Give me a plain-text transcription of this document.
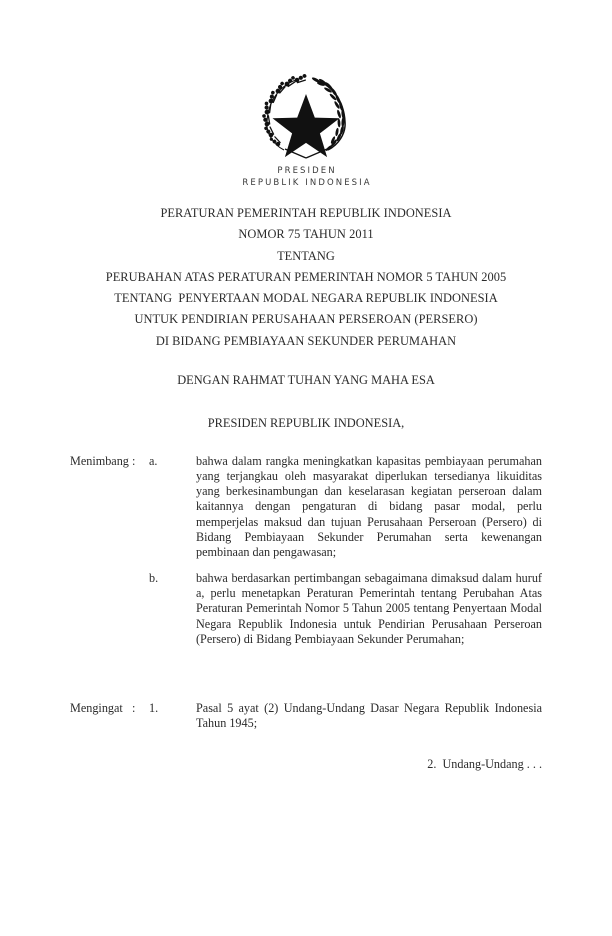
PRESIDEN
REPUBLIK INDONESIA
PERATURAN PEMERINTAH REPUBLIK INDONESIA
NOMOR 75 TAHUN 2011
TENTANG
PERUBAHAN ATAS PERATURAN PEMERINTAH NOMOR 5 TAHUN 2005
TENTANG  PENYERTAAN MODAL NEGARA REPUBLIK INDONESIA
UNTUK PENDIRIAN PERUSAHAAN PERSEROAN (PERSERO)
DI BIDANG PEMBIAYAAN SEKUNDER PERUMAHAN
DENGAN RAHMAT TUHAN YANG MAHA ESA
PRESIDEN REPUBLIK INDONESIA,
Menimbang :	a.	bahwa dalam rangka meningkatkan kapasitas pembiayaan perumahan yang terjangkau oleh masyarakat diperlukan tersedianya likuiditas yang berkesinambungan dan keselarasan kegiatan perseroan dalam kaitannya dengan pengaturan di bidang pasar modal, perlu memperjelas maksud dan tujuan Perusahaan Perseroan (Persero) di Bidang Pembiayaan Sekunder Perumahan serta kewenangan pembinaan dan pengawasan;
b.	bahwa berdasarkan pertimbangan sebagaimana dimaksud dalam huruf a, perlu menetapkan Peraturan Pemerintah tentang Perubahan Atas Peraturan Pemerintah Nomor 5 Tahun 2005 tentang Penyertaan Modal Negara Republik Indonesia untuk Pendirian Perusahaan Perseroan (Persero) di Bidang Pembiayaan Sekunder Perumahan;
Mengingat :	1.	Pasal 5 ayat (2) Undang-Undang Dasar Negara Republik Indonesia Tahun 1945;
2.  Undang-Undang . . .
